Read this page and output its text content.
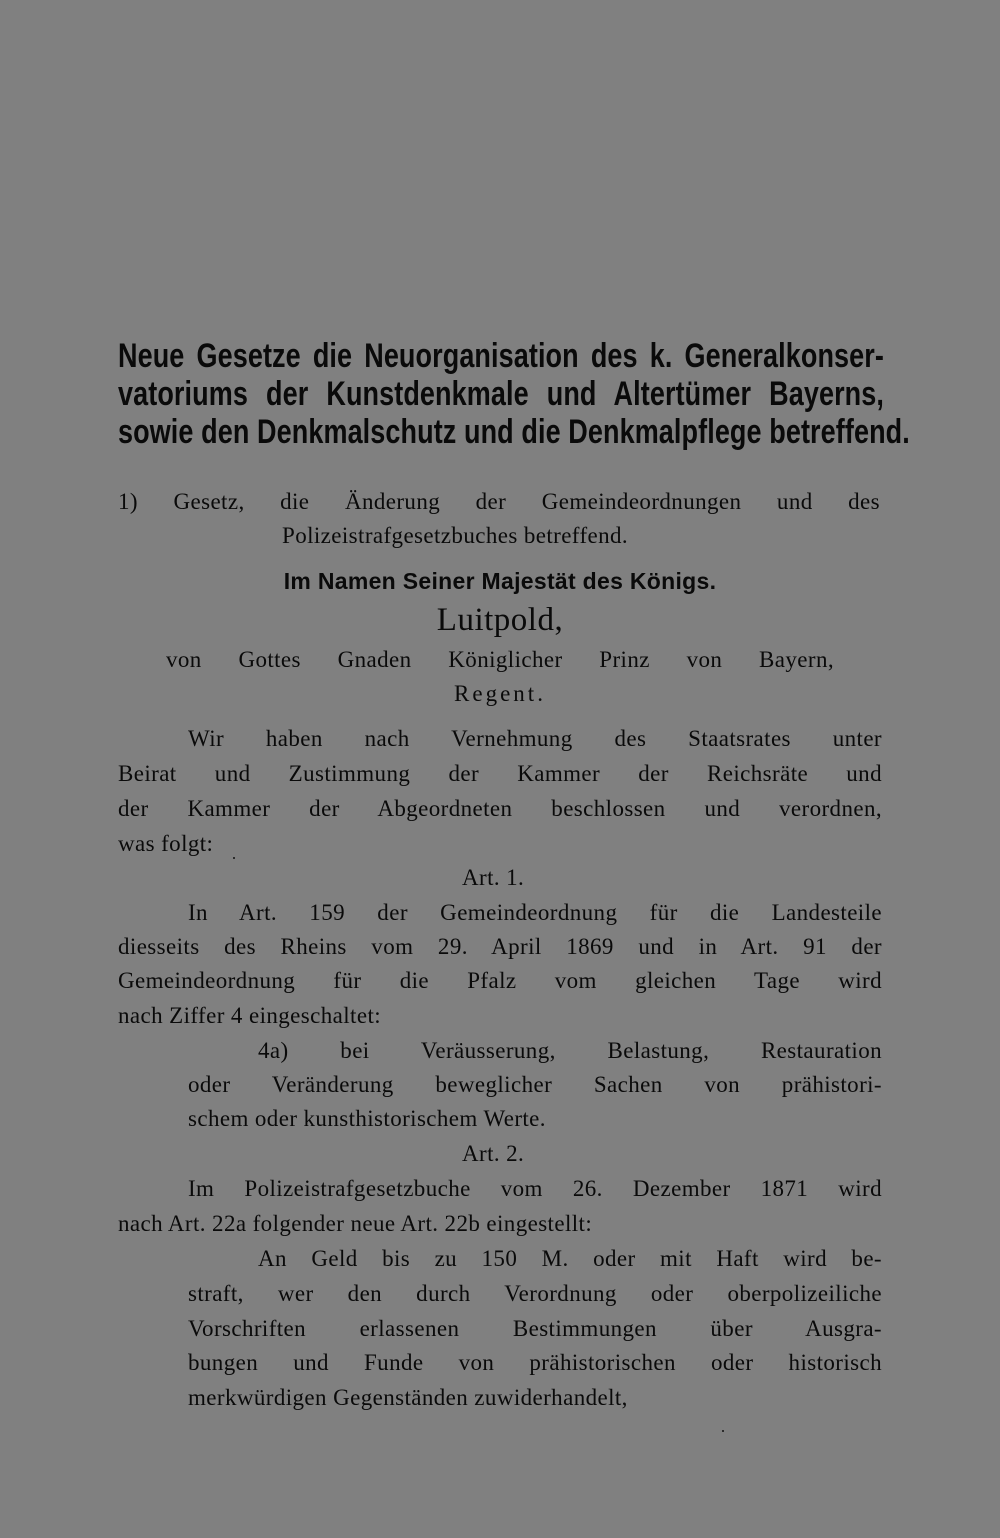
Neue Gesetze die Neuorganisation des k. Generalkonser-
vatoriums der Kunstdenkmale und Altertümer Bayerns,
sowie den Denkmalschutz und die Denkmalpflege betreffend.
1) Gesetz, die Änderung der Gemeindeordnungen und des
Polizeistrafgesetzbuches betreffend.
Im Namen Seiner Majestät des Königs.
Luitpold,
von Gottes Gnaden Königlicher Prinz von Bayern,
Regent.
Wir haben nach Vernehmung des Staatsrates unter
Beirat und Zustimmung der Kammer der Reichsräte und
der Kammer der Abgeordneten beschlossen und verordnen,
was folgt:
Art. 1.
In Art. 159 der Gemeindeordnung für die Landesteile
diesseits des Rheins vom 29. April 1869 und in Art. 91 der
Gemeindeordnung für die Pfalz vom gleichen Tage wird
nach Ziffer 4 eingeschaltet:
4a) bei Veräusserung, Belastung, Restauration
oder Veränderung beweglicher Sachen von prähistori-
schem oder kunsthistorischem Werte.
Art. 2.
Im Polizeistrafgesetzbuche vom 26. Dezember 1871 wird
nach Art. 22a folgender neue Art. 22b eingestellt:
An Geld bis zu 150 M. oder mit Haft wird be-
straft, wer den durch Verordnung oder oberpolizeiliche
Vorschriften erlassenen Bestimmungen über Ausgra-
bungen und Funde von prähistorischen oder historisch
merkwürdigen Gegenständen zuwiderhandelt,
